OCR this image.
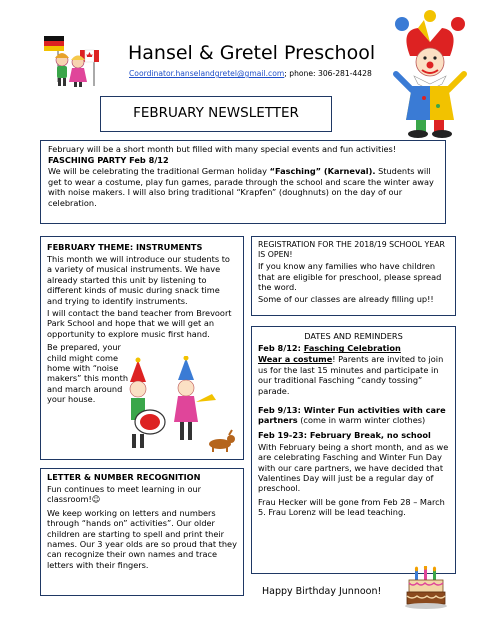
Hansel & Gretel Preschool
Coordinator.hanselandgretel@gmail.com; phone: 306-281-4428
FEBRUARY NEWSLETTER

February will be a short month but filled with many special events and fun activities!

FASCHING PARTY Feb 8/12

We will be celebrating the traditional German holiday “Fasching” (Karneval). Students will get to wear a costume, play fun games, parade through the school and scare the winter away with noise makers. I will also bring traditional “Krapfen” (doughnuts) on the day of our celebration.

FEBRUARY THEME: INSTRUMENTS

This month we will introduce our students to a variety of musical instruments. We have already started this unit by listening to different kinds of music during snack time and trying to identify instruments.

I will contact the band teacher from Brevoort Park School and hope that we will get an opportunity to explore music first hand.

Be prepared, your child might come home with “noise makers” this month and march around your house.

REGISTRATION FOR THE 2018/19 SCHOOL YEAR IS OPEN!

If you know any families who have children that are eligible for preschool, please spread the word.

Some of our classes are already filling up!!

DATES AND REMINDERS

Feb 8/12: Fasching Celebration

Wear a costume! Parents are invited to join us for the last 15 minutes and participate in our traditional Fasching “candy tossing” parade.

Feb 9/13: Winter Fun activities with care partners (come in warm winter clothes)

Feb 19-23: February Break, no school

With February being a short month, and as we are celebrating Fasching and Winter Fun Day with our care partners, we have decided that Valentines Day will just be a regular day of preschool.

Frau Hecker will be gone from Feb 28 – March 5. Frau Lorenz will be lead teaching.

LETTER & NUMBER RECOGNITION

Fun continues to meet learning in our classroom!☺

We keep working on letters and numbers through “hands on” activities”. Our older children are starting to spell and print their names. Our 3 year olds are so proud that they can recognize their own names and trace letters with their fingers.

Happy Birthday Junnoon!
